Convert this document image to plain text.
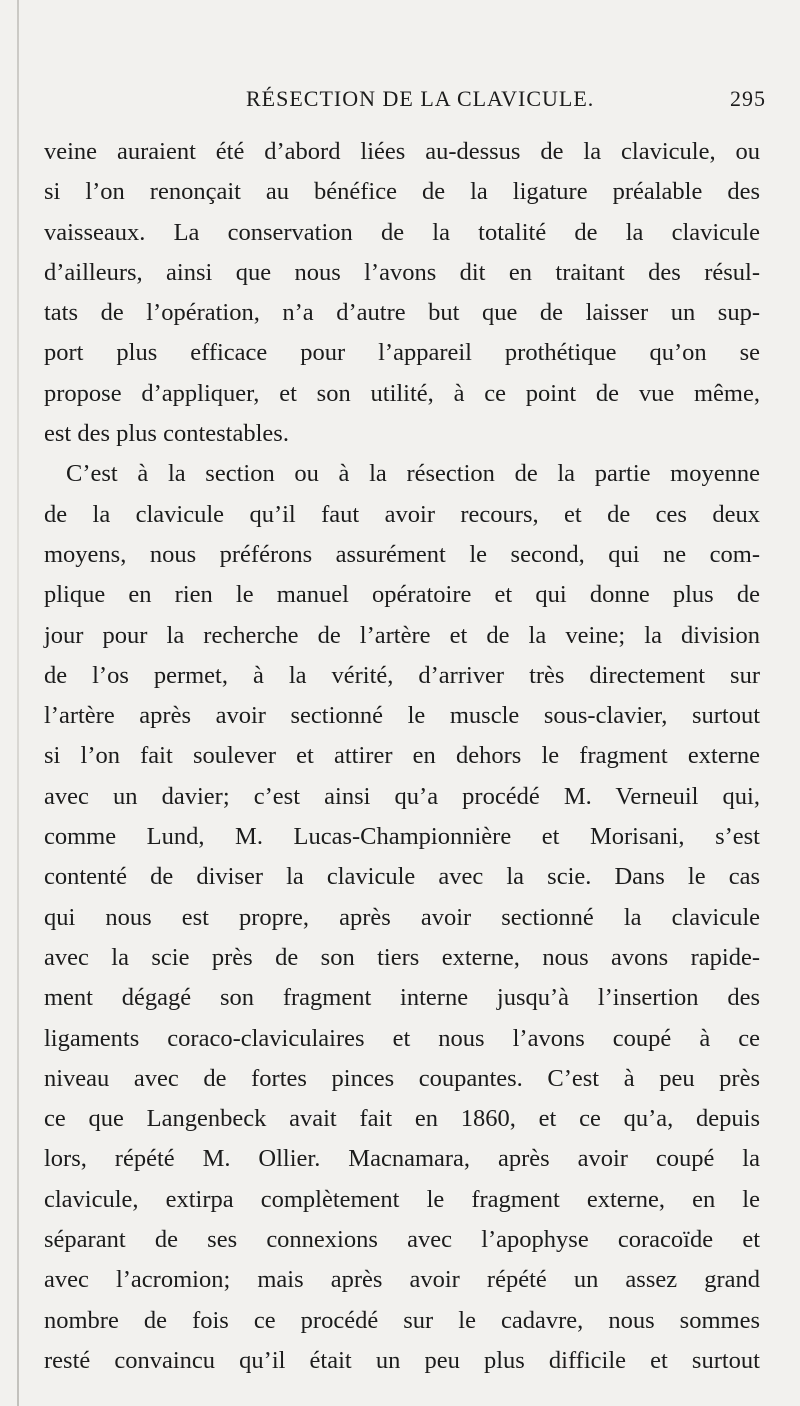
RÉSECTION DE LA CLAVICULE.	295
veine auraient été d’abord liées au-dessus de la clavicule, ou
si l’on renonçait au bénéfice de la ligature préalable des
vaisseaux. La conservation de la totalité de la clavicule
d’ailleurs, ainsi que nous l’avons dit en traitant des résul-
tats de l’opération, n’a d’autre but que de laisser un sup-
port plus efficace pour l’appareil prothétique qu’on se
propose d’appliquer, et son utilité, à ce point de vue même,
est des plus contestables.
C’est à la section ou à la résection de la partie moyenne
de la clavicule qu’il faut avoir recours, et de ces deux
moyens, nous préférons assurément le second, qui ne com-
plique en rien le manuel opératoire et qui donne plus de
jour pour la recherche de l’artère et de la veine; la division
de l’os permet, à la vérité, d’arriver très directement sur
l’artère après avoir sectionné le muscle sous-clavier, surtout
si l’on fait soulever et attirer en dehors le fragment externe
avec un davier; c’est ainsi qu’a procédé M. Verneuil qui,
comme Lund, M. Lucas-Championnière et Morisani, s’est
contenté de diviser la clavicule avec la scie. Dans le cas
qui nous est propre, après avoir sectionné la clavicule
avec la scie près de son tiers externe, nous avons rapide-
ment dégagé son fragment interne jusqu’à l’insertion des
ligaments coraco-claviculaires et nous l’avons coupé à ce
niveau avec de fortes pinces coupantes. C’est à peu près
ce que Langenbeck avait fait en 1860, et ce qu’a, depuis
lors, répété M. Ollier. Macnamara, après avoir coupé la
clavicule, extirpa complètement le fragment externe, en le
séparant de ses connexions avec l’apophyse coracoïde et
avec l’acromion; mais après avoir répété un assez grand
nombre de fois ce procédé sur le cadavre, nous sommes
resté convaincu qu’il était un peu plus difficile et surtout
